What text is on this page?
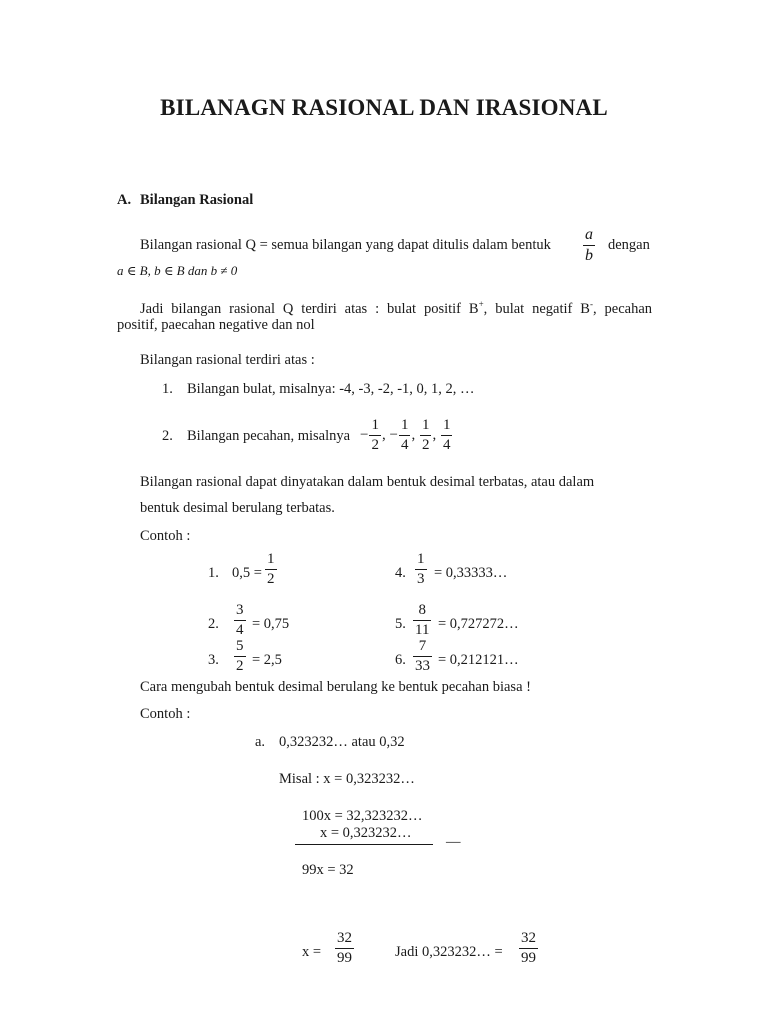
BILANAGN RASIONAL DAN IRASIONAL
A. Bilangan Rasional
Bilangan rasional Q = semua bilangan yang dapat ditulis dalam bentuk $\frac{a}{b}$ dengan
a ∈ B, b ∈ B dan b ≠ 0
Jadi bilangan rasional Q terdiri atas : bulat positif B+, bulat negatif B-, pecahan
positif, paecahan negative dan nol
Bilangan rasional terdiri atas :
1. Bilangan bulat, misalnya: -4, -3, -2, -1, 0, 1, 2, …
2. Bilangan pecahan, misalnya − $\frac{1}{2}$ , − $\frac{1}{4}$ , $\frac{1}{2}$ , $\frac{1}{4}$
Bilangan rasional dapat dinyatakan dalam bentuk desimal terbatas, atau dalam
bentuk desimal berulang terbatas.
Contoh :
1. $0,5 = \frac{1}{2}$	4. $\frac{1}{3}$ = 0,33333…
2. $\frac{3}{4} = 0,75$	5. $\frac{8}{11}$ = 0,727272…
3. $\frac{5}{2} = 2,5$	6. $\frac{7}{33}$ = 0,212121…
Cara mengubah bentuk desimal berulang ke bentuk pecahan biasa !
Contoh :
a. 0,323232… atau 0,32
Misal : x = 0,323232…
100x = 32,323232…
x = 0,323232…
—
99x = 32
$x = \frac{32}{99}$	Jadi 0,323232… = $\frac{32}{99}$
